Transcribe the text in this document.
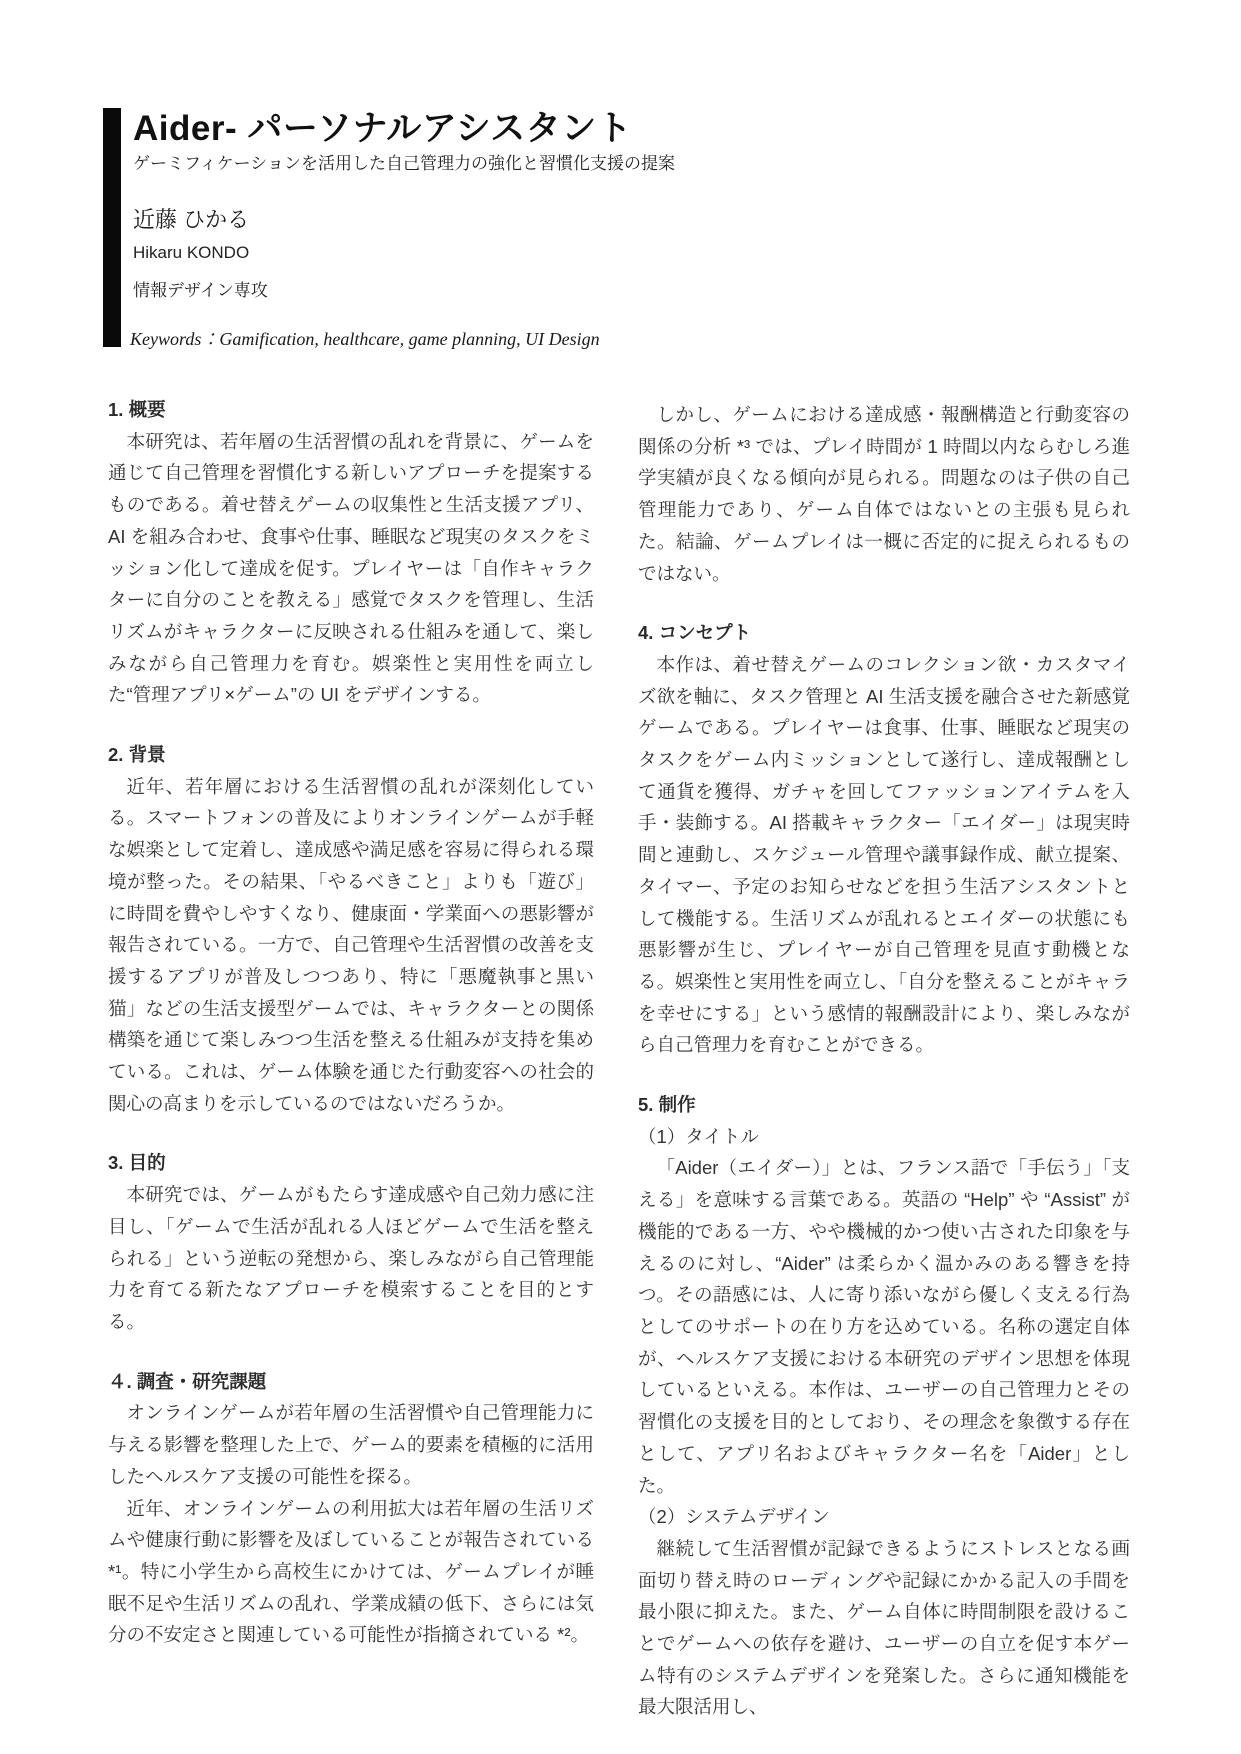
Aider- パーソナルアシスタント
ゲーミフィケーションを活用した自己管理力の強化と習慣化支援の提案
近藤 ひかる
Hikaru KONDO
情報デザイン専攻
Keywords：Gamification, healthcare, game planning, UI Design
1. 概要

本研究は、若年層の生活習慣の乱れを背景に、ゲームを通じて自己管理を習慣化する新しいアプローチを提案するものである。着せ替えゲームの収集性と生活支援アプリ、AI を組み合わせ、食事や仕事、睡眠など現実のタスクをミッション化して達成を促す。プレイヤーは「自作キャラクターに自分のことを教える」感覚でタスクを管理し、生活リズムがキャラクターに反映される仕組みを通して、楽しみながら自己管理力を育む。娯楽性と実用性を両立した“管理アプリ×ゲーム”の UI をデザインする。

2. 背景

近年、若年層における生活習慣の乱れが深刻化している。スマートフォンの普及によりオンラインゲームが手軽な娯楽として定着し、達成感や満足感を容易に得られる環境が整った。その結果、「やるべきこと」よりも「遊び」に時間を費やしやすくなり、健康面・学業面への悪影響が報告されている。一方で、自己管理や生活習慣の改善を支援するアプリが普及しつつあり、特に「悪魔執事と黒い猫」などの生活支援型ゲームでは、キャラクターとの関係構築を通じて楽しみつつ生活を整える仕組みが支持を集めている。これは、ゲーム体験を通じた行動変容への社会的関心の高まりを示しているのではないだろうか。

3. 目的

本研究では、ゲームがもたらす達成感や自己効力感に注目し、「ゲームで生活が乱れる人ほどゲームで生活を整えられる」という逆転の発想から、楽しみながら自己管理能力を育てる新たなアプローチを模索することを目的とする。

４. 調査・研究課題

オンラインゲームが若年層の生活習慣や自己管理能力に与える影響を整理した上で、ゲーム的要素を積極的に活用したヘルスケア支援の可能性を探る。

近年、オンラインゲームの利用拡大は若年層の生活リズムや健康行動に影響を及ぼしていることが報告されている *¹。特に小学生から高校生にかけては、ゲームプレイが睡眠不足や生活リズムの乱れ、学業成績の低下、さらには気分の不安定さと関連している可能性が指摘されている *²。

しかし、ゲームにおける達成感・報酬構造と行動変容の関係の分析 *³ では、プレイ時間が 1 時間以内ならむしろ進学実績が良くなる傾向が見られる。問題なのは子供の自己管理能力であり、ゲーム自体ではないとの主張も見られた。結論、ゲームプレイは一概に否定的に捉えられるものではない。

4. コンセプト

本作は、着せ替えゲームのコレクション欲・カスタマイズ欲を軸に、タスク管理と AI 生活支援を融合させた新感覚ゲームである。プレイヤーは食事、仕事、睡眠など現実のタスクをゲーム内ミッションとして遂行し、達成報酬として通貨を獲得、ガチャを回してファッションアイテムを入手・装飾する。AI 搭載キャラクター「エイダー」は現実時間と連動し、スケジュール管理や議事録作成、献立提案、タイマー、予定のお知らせなどを担う生活アシスタントとして機能する。生活リズムが乱れるとエイダーの状態にも悪影響が生じ、プレイヤーが自己管理を見直す動機となる。娯楽性と実用性を両立し、「自分を整えることがキャラを幸せにする」という感情的報酬設計により、楽しみながら自己管理力を育むことができる。

5. 制作

（1）タイトル

「Aider（エイダー）」とは、フランス語で「手伝う」「支える」を意味する言葉である。英語の “Help” や “Assist” が機能的である一方、やや機械的かつ使い古された印象を与えるのに対し、“Aider” は柔らかく温かみのある響きを持つ。その語感には、人に寄り添いながら優しく支える行為としてのサポートの在り方を込めている。名称の選定自体が、ヘルスケア支援における本研究のデザイン思想を体現しているといえる。本作は、ユーザーの自己管理力とその習慣化の支援を目的としており、その理念を象徴する存在として、アプリ名およびキャラクター名を「Aider」とした。

（2）システムデザイン

継続して生活習慣が記録できるようにストレスとなる画面切り替え時のローディングや記録にかかる記入の手間を最小限に抑えた。また、ゲーム自体に時間制限を設けることでゲームへの依存を避け、ユーザーの自立を促す本ゲーム特有のシステムデザインを発案した。さらに通知機能を最大限活用し、
